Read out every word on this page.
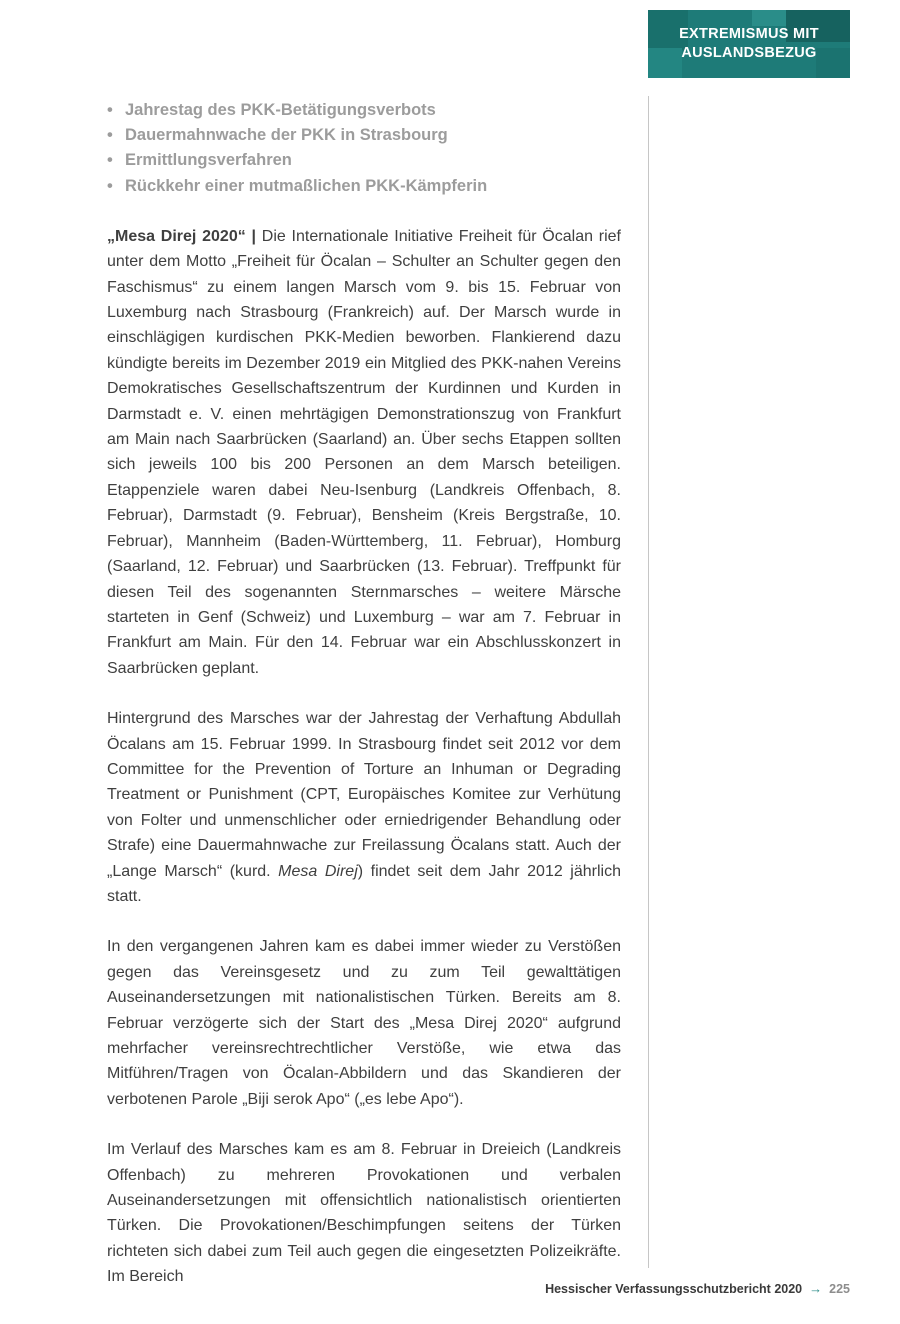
EXTREMISMUS MIT
AUSLANDSBEZUG
• Jahrestag des PKK-Betätigungsverbots
• Dauermahnwache der PKK in Strasbourg
• Ermittlungsverfahren
• Rückkehr einer mutmaßlichen PKK-Kämpferin

„Mesa Direj 2020“ | Die Internationale Initiative Freiheit für Öcalan rief unter dem Motto „Freiheit für Öcalan – Schulter an Schulter gegen den Faschismus“ zu einem langen Marsch vom 9. bis 15. Februar von Luxemburg nach Strasbourg (Frankreich) auf. Der Marsch wurde in einschlägigen kurdischen PKK-Medien beworben. Flankierend dazu kündigte bereits im Dezember 2019 ein Mitglied des PKK-nahen Vereins Demokratisches Gesellschaftszentrum der Kurdinnen und Kurden in Darmstadt e. V. einen mehrtägigen Demonstrationszug von Frankfurt am Main nach Saarbrücken (Saarland) an. Über sechs Etappen sollten sich jeweils 100 bis 200 Personen an dem Marsch beteiligen. Etappenziele waren dabei Neu-Isenburg (Landkreis Offenbach, 8. Februar), Darmstadt (9. Februar), Bensheim (Kreis Bergstraße, 10. Februar), Mannheim (Baden-Württemberg, 11. Februar), Homburg (Saarland, 12. Februar) und Saarbrücken (13. Februar). Treffpunkt für diesen Teil des sogenannten Sternmarsches – weitere Märsche starteten in Genf (Schweiz) und Luxemburg – war am 7. Februar in Frankfurt am Main. Für den 14. Februar war ein Abschlusskonzert in Saarbrücken geplant.

Hintergrund des Marsches war der Jahrestag der Verhaftung Abdullah Öcalans am 15. Februar 1999. In Strasbourg findet seit 2012 vor dem Committee for the Prevention of Torture an Inhuman or Degrading Treatment or Punishment (CPT, Europäisches Komitee zur Verhütung von Folter und unmenschlicher oder erniedrigender Behandlung oder Strafe) eine Dauermahnwache zur Freilassung Öcalans statt. Auch der „Lange Marsch“ (kurd. Mesa Direj) findet seit dem Jahr 2012 jährlich statt.

In den vergangenen Jahren kam es dabei immer wieder zu Verstößen gegen das Vereinsgesetz und zu zum Teil gewalttätigen Auseinandersetzungen mit nationalistischen Türken. Bereits am 8. Februar verzögerte sich der Start des „Mesa Direj 2020“ aufgrund mehrfacher vereinsrechtrechtlicher Verstöße, wie etwa das Mitführen/Tragen von Öcalan-Abbildern und das Skandieren der verbotenen Parole „Biji serok Apo“ („es lebe Apo“).

Im Verlauf des Marsches kam es am 8. Februar in Dreieich (Landkreis Offenbach) zu mehreren Provokationen und verbalen Auseinandersetzungen mit offensichtlich nationalistisch orientierten Türken. Die Provokationen/Beschimpfungen seitens der Türken richteten sich dabei zum Teil auch gegen die eingesetzten Polizeikräfte. Im Bereich

Hessischer Verfassungsschutzbericht 2020 → 225
